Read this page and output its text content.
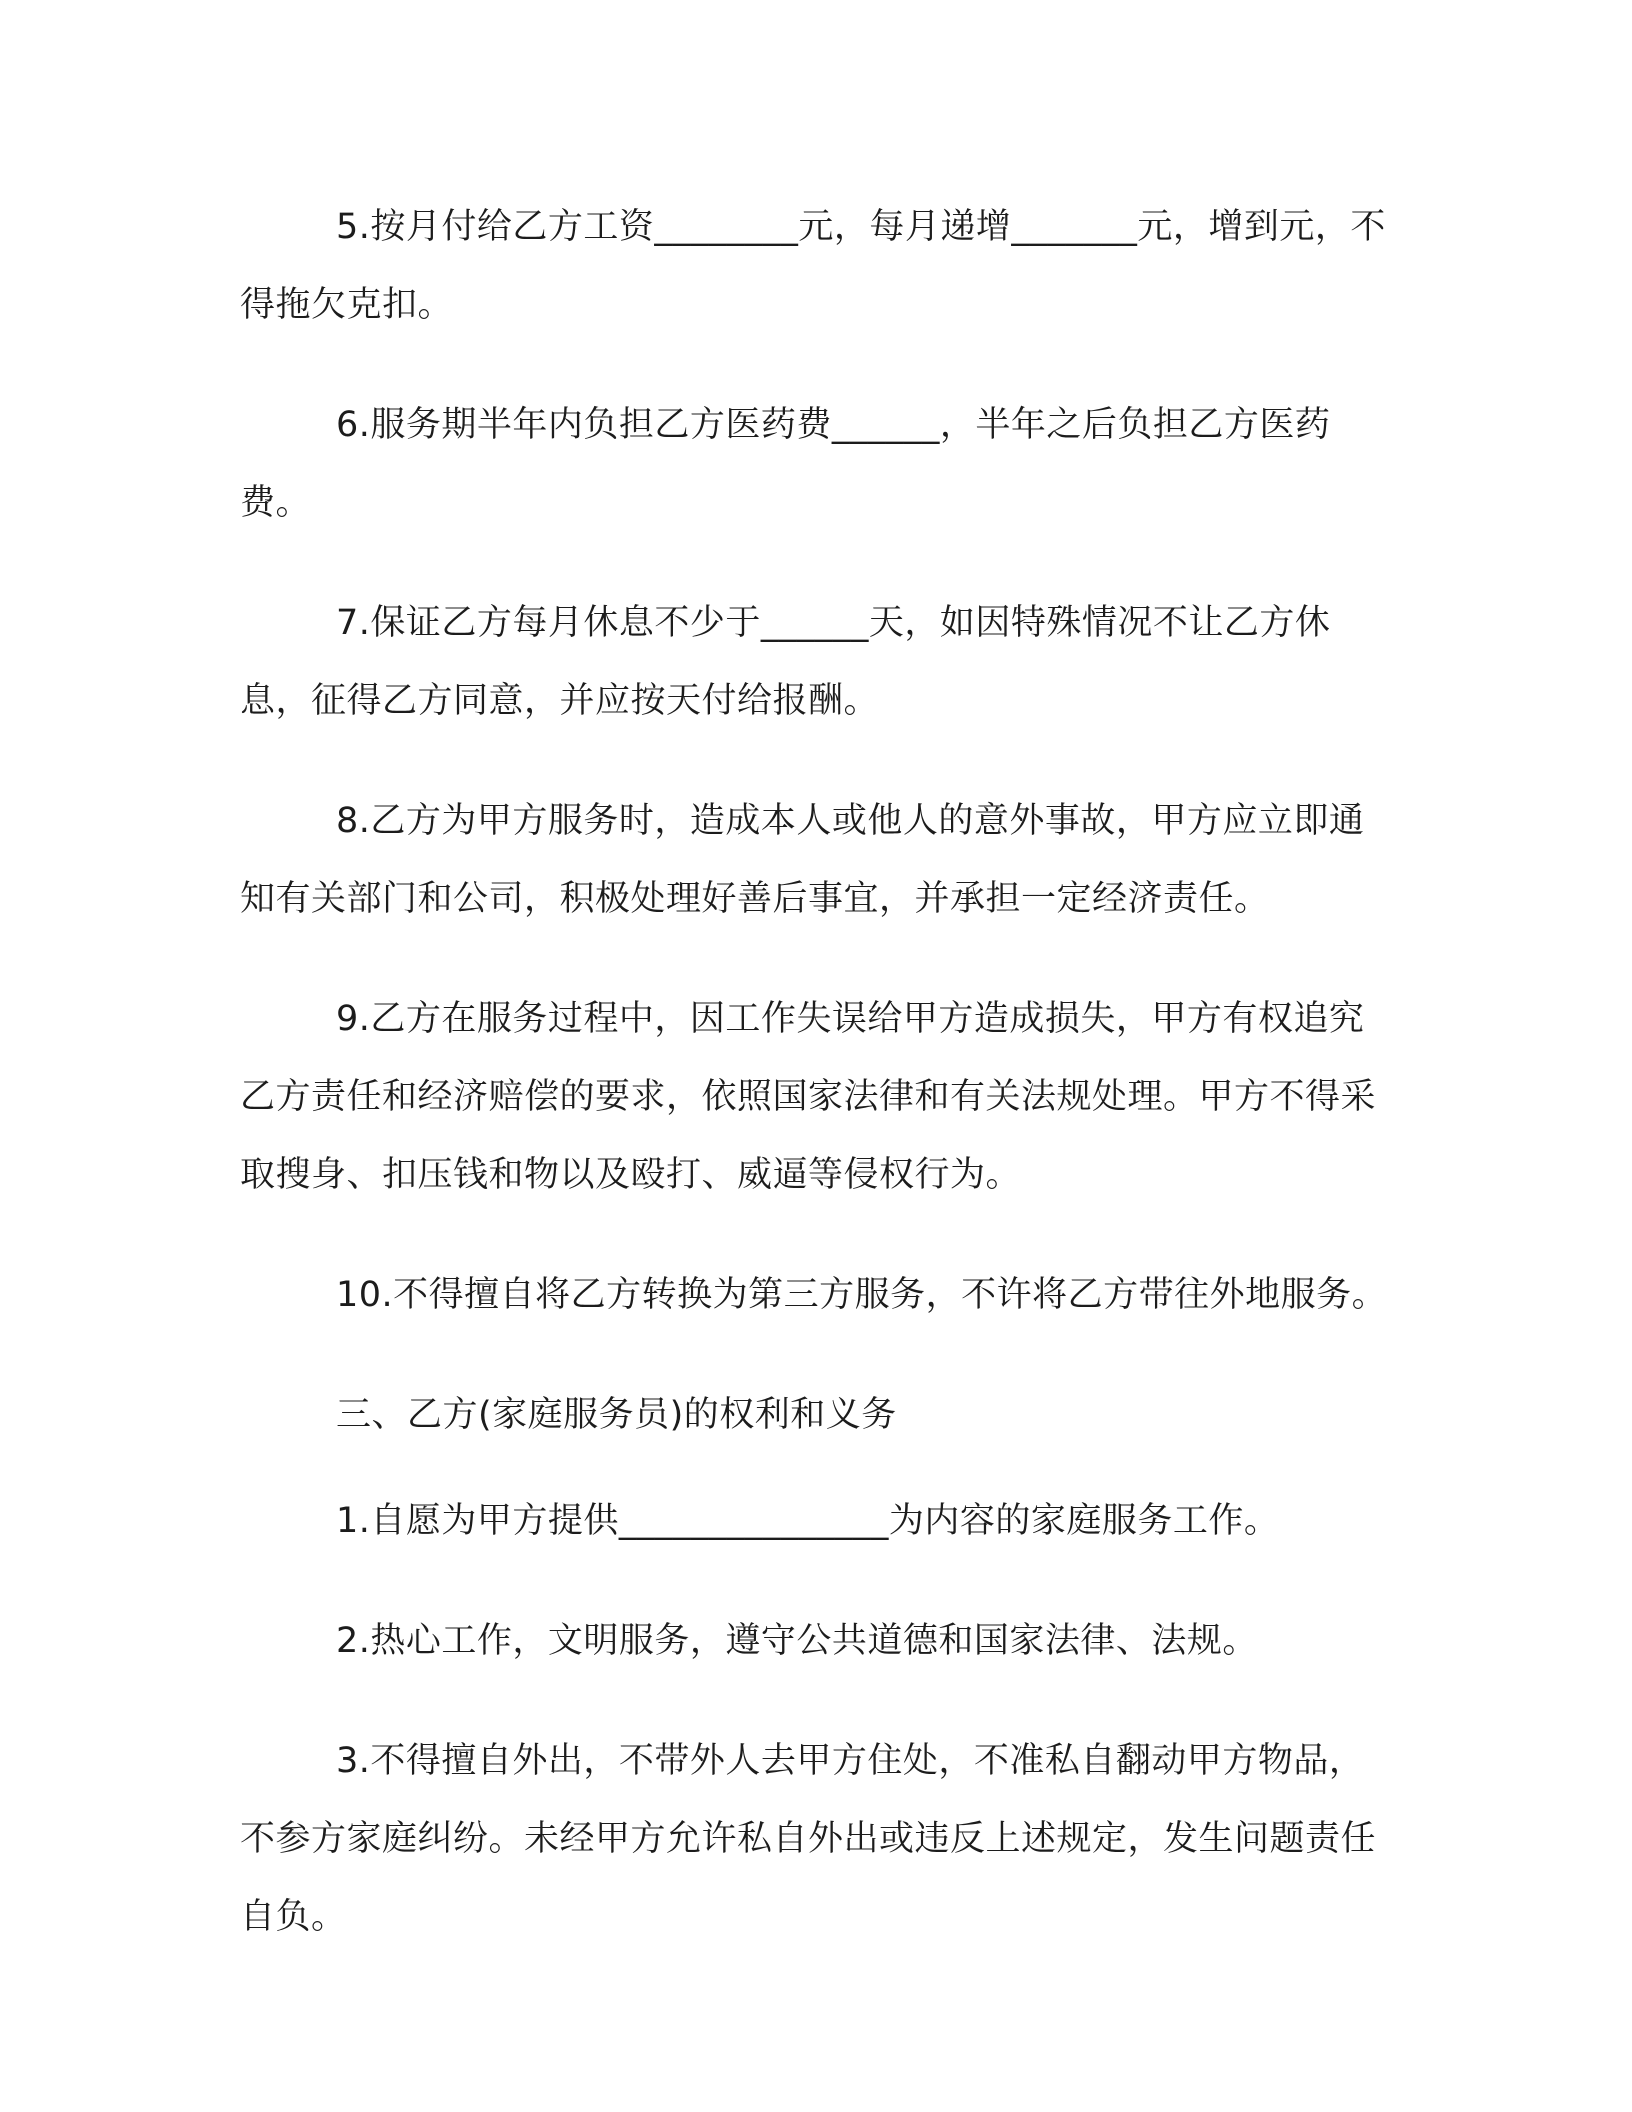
5.按月付给乙方工资________元，每月递增_______元，增到元，不得拖欠克扣。

6.服务期半年内负担乙方医药费______，半年之后负担乙方医药费。

7.保证乙方每月休息不少于______天，如因特殊情况不让乙方休息，征得乙方同意，并应按天付给报酬。

8.乙方为甲方服务时，造成本人或他人的意外事故，甲方应立即通知有关部门和公司，积极处理好善后事宜，并承担一定经济责任。

9.乙方在服务过程中，因工作失误给甲方造成损失，甲方有权追究乙方责任和经济赔偿的要求，依照国家法律和有关法规处理。甲方不得采取搜身、扣压钱和物以及殴打、威逼等侵权行为。

10.不得擅自将乙方转换为第三方服务，不许将乙方带往外地服务。

三、乙方(家庭服务员)的权利和义务

1.自愿为甲方提供_______________为内容的家庭服务工作。

2.热心工作，文明服务，遵守公共道德和国家法律、法规。

3.不得擅自外出，不带外人去甲方住处，不准私自翻动甲方物品，不参方家庭纠纷。未经甲方允许私自外出或违反上述规定，发生问题责任自负。
